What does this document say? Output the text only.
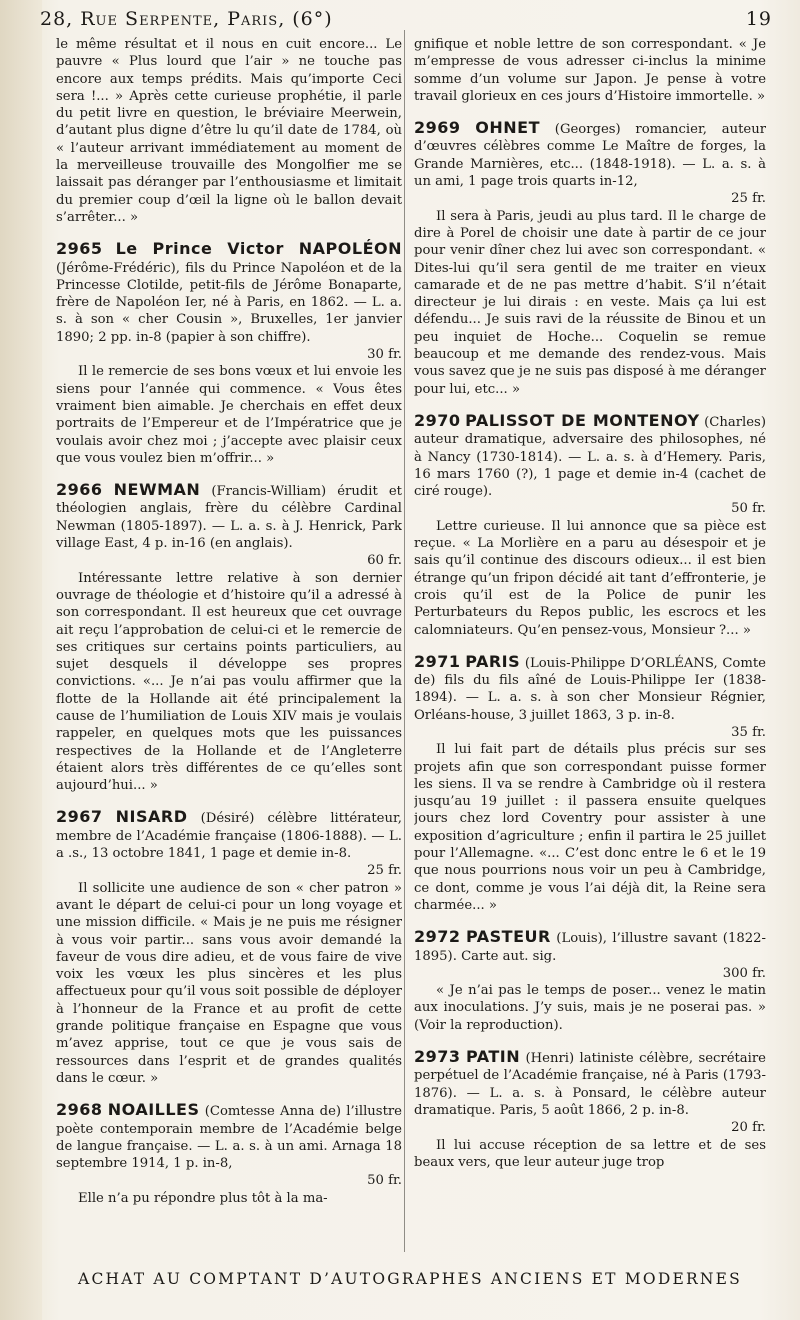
28, Rue Serpente, Paris, (6°)	19

le même résultat et il nous en cuit encore... Le pauvre « Plus lourd que l’air » ne touche pas encore aux temps prédits. Mais qu’importe Ceci sera !... » Après cette curieuse prophétie, il parle du petit livre en question, le bréviaire Meerwein, d’autant plus digne d’être lu qu’il date de 1784, où « l’auteur arrivant immédiatement au moment de la merveilleuse trouvaille des Mongolfier me se laissait pas déranger par l’enthousiasme et limitait du premier coup d’œil la ligne où le ballon devait s’arrêter... »

2965 Le Prince Victor NAPOLÉON (Jérôme-Frédéric), fils du Prince Napoléon et de la Princesse Clotilde, petit-fils de Jérôme Bonaparte, frère de Napoléon Ier, né à Paris, en 1862. — L. a. s. à son « cher Cousin », Bruxelles, 1er janvier 1890; 2 pp. in-8 (papier à son chiffre).
30 fr.

Il le remercie de ses bons vœux et lui envoie les siens pour l’année qui commence. « Vous êtes vraiment bien aimable. Je cherchais en effet deux portraits de l’Empereur et de l’Impératrice que je voulais avoir chez moi ; j’accepte avec plaisir ceux que vous voulez bien m’offrir... »

2966 NEWMAN (Francis-William) érudit et théologien anglais, frère du célèbre Cardinal Newman (1805-1897). — L. a. s. à J. Henrick, Park village East, 4 p. in-16 (en anglais).
60 fr.

Intéressante lettre relative à son dernier ouvrage de théologie et d’histoire qu’il a adressé à son correspondant. Il est heureux que cet ouvrage ait reçu l’approbation de celui-ci et le remercie de ses critiques sur certains points particuliers, au sujet desquels il développe ses propres convictions. «... Je n’ai pas voulu affirmer que la flotte de la Hollande ait été principalement la cause de l’humiliation de Louis XIV mais je voulais rappeler, en quelques mots que les puissances respectives de la Hollande et de l’Angleterre étaient alors très différentes de ce qu’elles sont aujourd’hui... »

2967 NISARD (Désiré) célèbre littérateur, membre de l’Académie française (1806-1888). — L. a .s., 13 octobre 1841, 1 page et demie in-8.
25 fr.

Il sollicite une audience de son « cher patron » avant le départ de celui-ci pour un long voyage et une mission difficile. « Mais je ne puis me résigner à vous voir partir... sans vous avoir demandé la faveur de vous dire adieu, et de vous faire de vive voix les vœux les plus sincères et les plus affectueux pour qu’il vous soit possible de déployer à l’honneur de la France et au profit de cette grande politique française en Espagne que vous m’avez apprise, tout ce que je vous sais de ressources dans l’esprit et de grandes qualités dans le cœur. »

2968 NOAILLES (Comtesse Anna de) l’illustre poète contemporain membre de l’Académie belge de langue française. — L. a. s. à un ami. Arnaga 18 septembre 1914, 1 p. in-8,
50 fr.

Elle n’a pu répondre plus tôt à la ma-

gnifique et noble lettre de son correspondant. « Je m’empresse de vous adresser ci-inclus la minime somme d’un volume sur Japon. Je pense à votre travail glorieux en ces jours d’Histoire immortelle. »

2969 OHNET (Georges) romancier, auteur d’œuvres célèbres comme Le Maître de forges, la Grande Marnières, etc... (1848-1918). — L. a. s. à un ami, 1 page trois quarts in-12,
25 fr.

Il sera à Paris, jeudi au plus tard. Il le charge de dire à Porel de choisir une date à partir de ce jour pour venir dîner chez lui avec son correspondant. « Dites-lui qu’il sera gentil de me traiter en vieux camarade et de ne pas mettre d’habit. S’il n’était directeur je lui dirais : en veste. Mais ça lui est défendu... Je suis ravi de la réussite de Binou et un peu inquiet de Hoche... Coquelin se remue beaucoup et me demande des rendez-vous. Mais vous savez que je ne suis pas disposé à me déranger pour lui, etc... »

2970 PALISSOT DE MONTENOY (Charles) auteur dramatique, adversaire des philosophes, né à Nancy (1730-1814). — L. a. s. à d’Hemery. Paris, 16 mars 1760 (?), 1 page et demie in-4 (cachet de ciré rouge).
50 fr.

Lettre curieuse. Il lui annonce que sa pièce est reçue. « La Morlière en a paru au désespoir et je sais qu’il continue des discours odieux... il est bien étrange qu’un fripon décidé ait tant d’effronterie, je crois qu’il est de la Police de punir les Perturbateurs du Repos public, les escrocs et les calomniateurs. Qu’en pensez-vous, Monsieur ?... »

2971 PARIS (Louis-Philippe D’ORLÉANS, Comte de) fils du fils aîné de Louis-Philippe Ier (1838-1894). — L. a. s. à son cher Monsieur Régnier, Orléans-house, 3 juillet 1863, 3 p. in-8.
35 fr.

Il lui fait part de détails plus précis sur ses projets afin que son correspondant puisse former les siens. Il va se rendre à Cambridge où il restera jusqu’au 19 juillet : il passera ensuite quelques jours chez lord Coventry pour assister à une exposition d’agriculture ; enfin il partira le 25 juillet pour l’Allemagne. «... C’est donc entre le 6 et le 19 que nous pourrions nous voir un peu à Cambridge, ce dont, comme je vous l’ai déjà dit, la Reine sera charmée... »

2972 PASTEUR (Louis), l’illustre savant (1822-1895). Carte aut. sig.
300 fr.

« Je n’ai pas le temps de poser... venez le matin aux inoculations. J’y suis, mais je ne poserai pas. » (Voir la reproduction).

2973 PATIN (Henri) latiniste célèbre, secrétaire perpétuel de l’Académie française, né à Paris (1793-1876). — L. a. s. à Ponsard, le célèbre auteur dramatique. Paris, 5 août 1866, 2 p. in-8.
20 fr.

Il lui accuse réception de sa lettre et de ses beaux vers, que leur auteur juge trop

ACHAT AU COMPTANT D’AUTOGRAPHES ANCIENS ET MODERNES
